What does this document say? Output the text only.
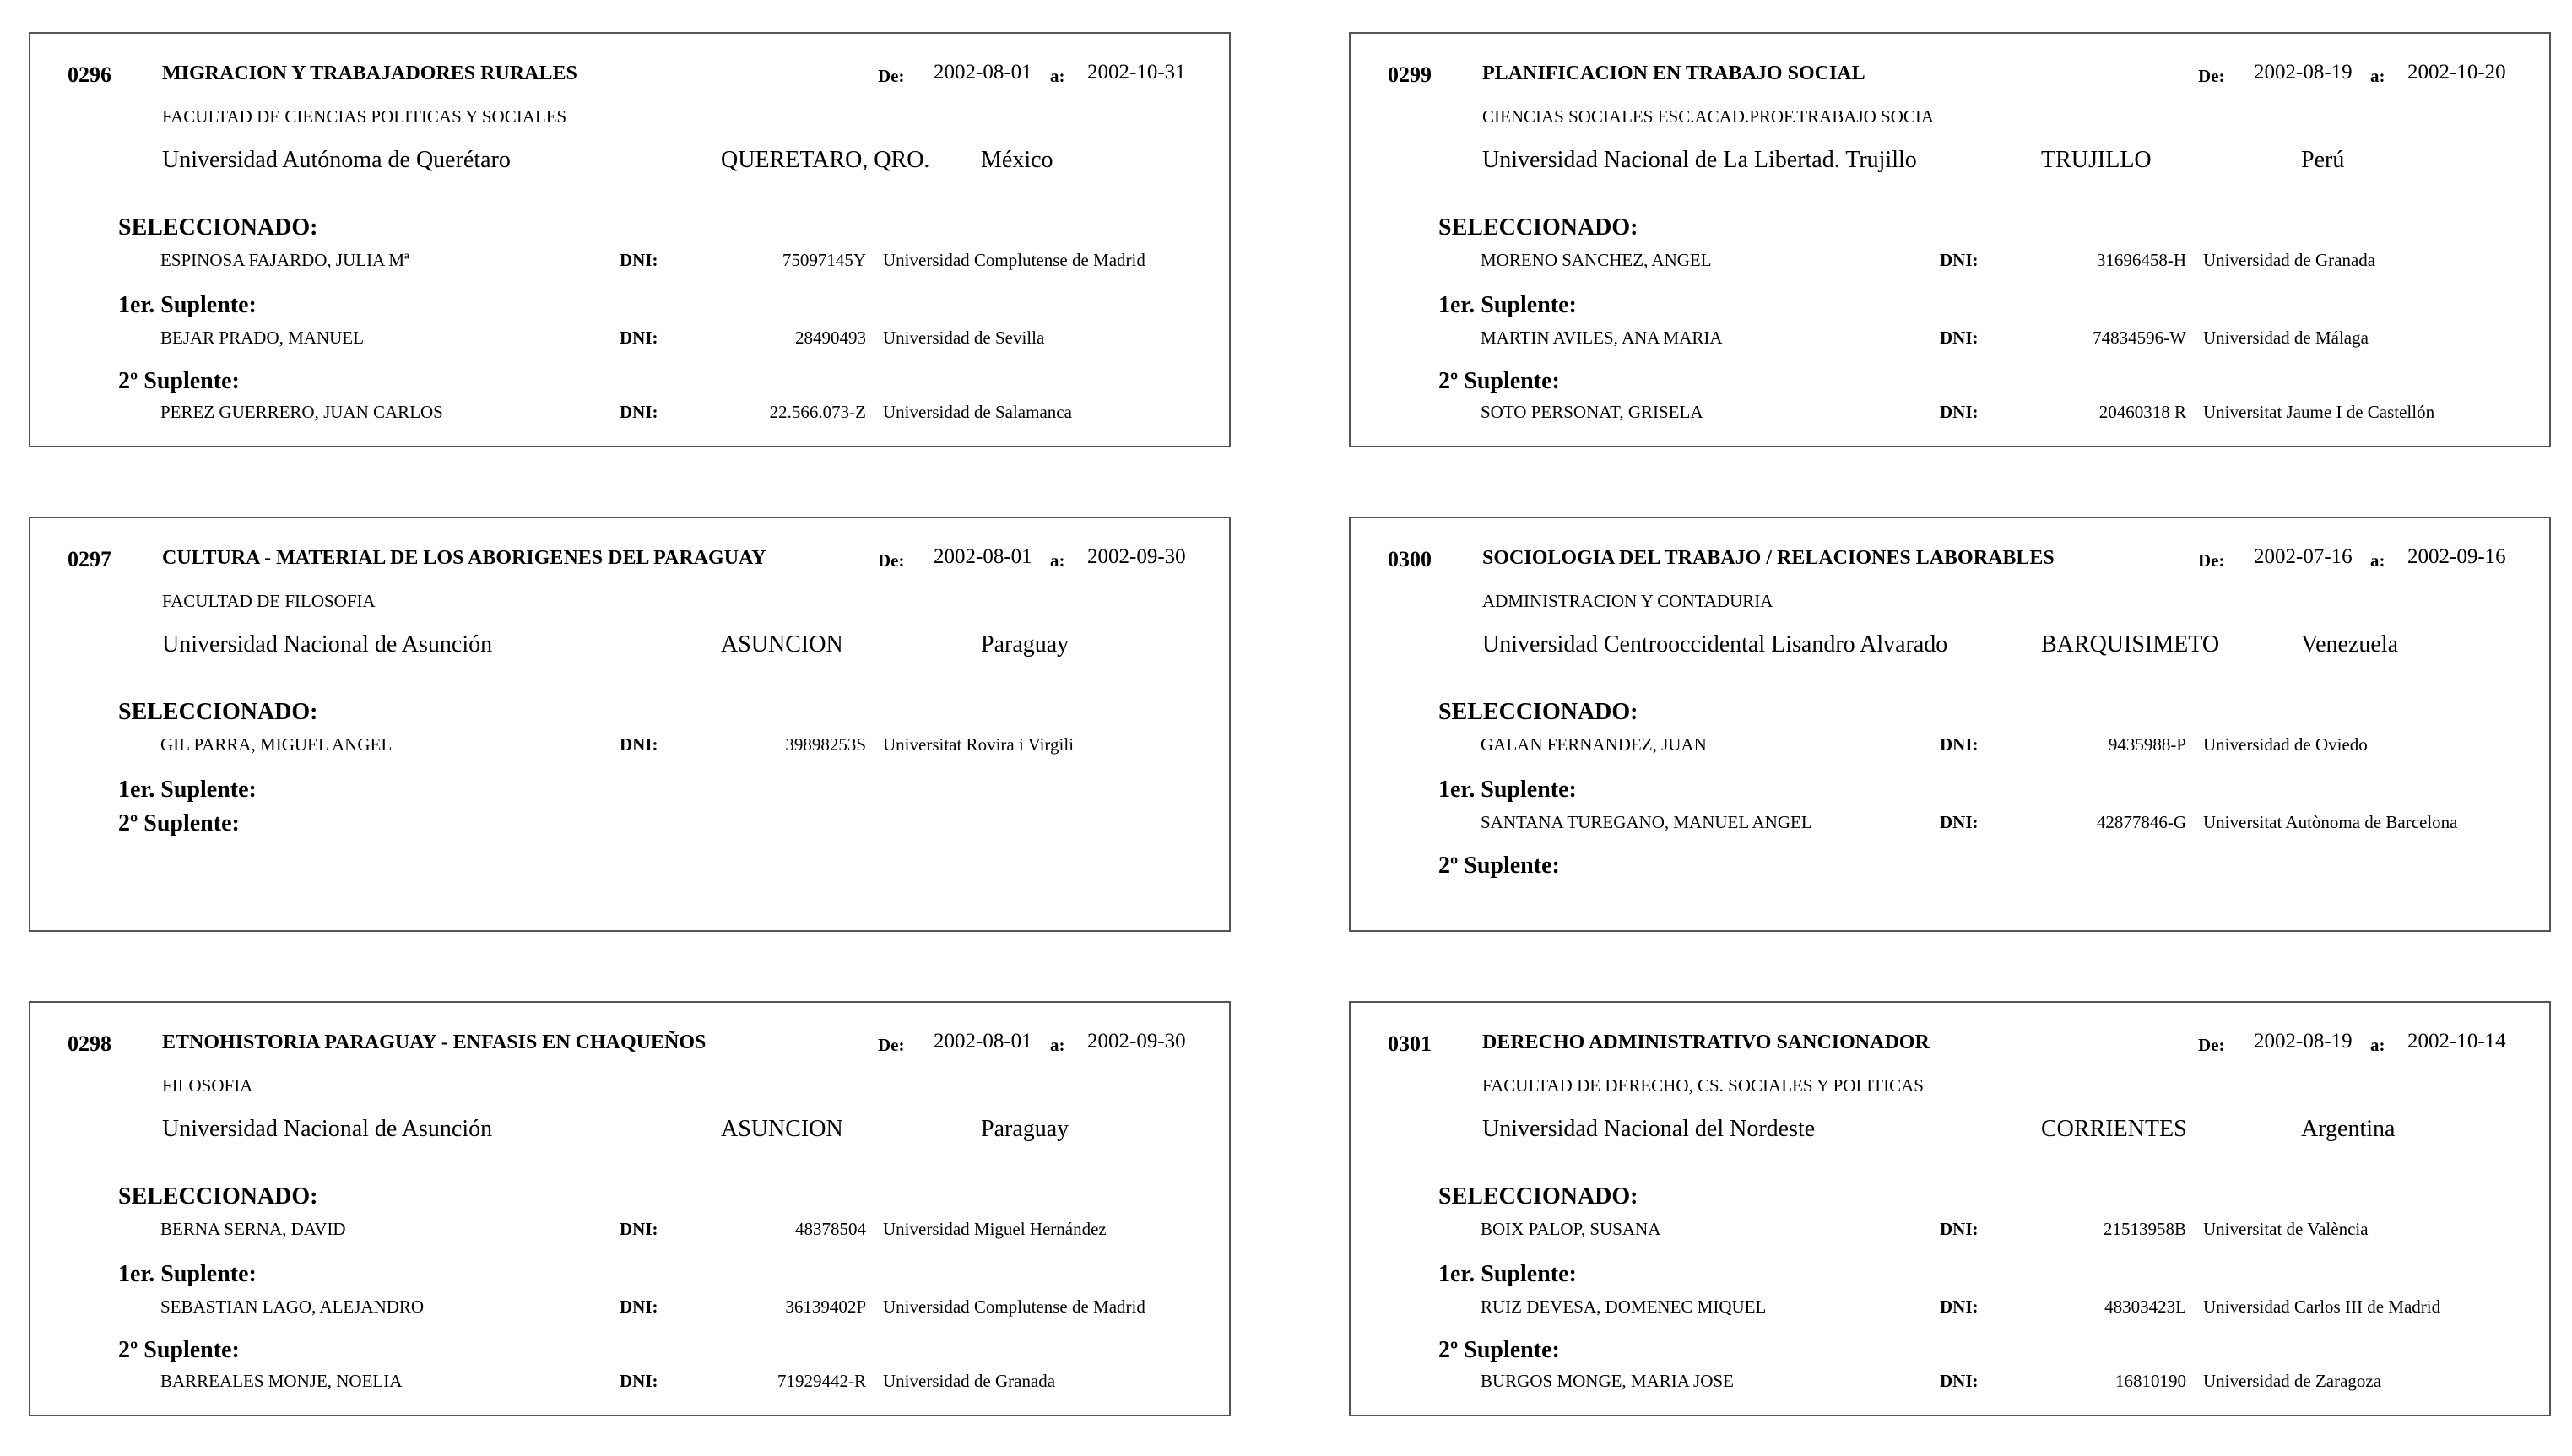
0296	MIGRACION Y TRABAJADORES RURALES	De: 2002-08-01 a: 2002-10-31
FACULTAD DE CIENCIAS POLITICAS Y SOCIALES
Universidad Autónoma de Querétaro	QUERETARO, QRO. México
SELECCIONADO:
ESPINOSA FAJARDO, JULIA Mª	DNI:	75097145Y Universidad Complutense de Madrid
1er. Suplente:
BEJAR PRADO, MANUEL	DNI:	28490493 Universidad de Sevilla
2º Suplente:
PEREZ GUERRERO, JUAN CARLOS	DNI:	22.566.073-Z Universidad de Salamanca
0299	PLANIFICACION EN TRABAJO SOCIAL	De: 2002-08-19 a: 2002-10-20
CIENCIAS SOCIALES ESC.ACAD.PROF.TRABAJO SOCIA
Universidad Nacional de La Libertad. Trujillo	TRUJILLO	Perú
SELECCIONADO:
MORENO SANCHEZ, ANGEL	DNI:	31696458-H Universidad de Granada
1er. Suplente:
MARTIN AVILES, ANA MARIA	DNI:	74834596-W Universidad de Málaga
2º Suplente:
SOTO PERSONAT, GRISELA	DNI:	20460318 R Universitat Jaume I de Castellón
0297	CULTURA - MATERIAL DE LOS ABORIGENES DEL PARAGUAY	De: 2002-08-01 a: 2002-09-30
FACULTAD DE FILOSOFIA
Universidad Nacional de Asunción	ASUNCION	Paraguay
SELECCIONADO:
GIL PARRA, MIGUEL ANGEL	DNI:	39898253S Universitat Rovira i Virgili
1er. Suplente:
2º Suplente:
0300	SOCIOLOGIA DEL TRABAJO / RELACIONES LABORABLES	De: 2002-07-16 a: 2002-09-16
ADMINISTRACION Y CONTADURIA
Universidad Centrooccidental Lisandro Alvarado	BARQUISIMETO	Venezuela
SELECCIONADO:
GALAN FERNANDEZ, JUAN	DNI:	9435988-P Universidad de Oviedo
1er. Suplente:
SANTANA TUREGANO, MANUEL ANGEL	DNI:	42877846-G Universitat Autònoma de Barcelona
2º Suplente:
0298	ETNOHISTORIA PARAGUAY - ENFASIS EN CHAQUEÑOS	De: 2002-08-01 a: 2002-09-30
FILOSOFIA
Universidad Nacional de Asunción	ASUNCION	Paraguay
SELECCIONADO:
BERNA SERNA, DAVID	DNI:	48378504 Universidad Miguel Hernández
1er. Suplente:
SEBASTIAN LAGO, ALEJANDRO	DNI:	36139402P Universidad Complutense de Madrid
2º Suplente:
BARREALES MONJE, NOELIA	DNI:	71929442-R Universidad de Granada
0301	DERECHO ADMINISTRATIVO SANCIONADOR	De: 2002-08-19 a: 2002-10-14
FACULTAD DE DERECHO, CS. SOCIALES Y POLITICAS
Universidad Nacional del Nordeste	CORRIENTES	Argentina
SELECCIONADO:
BOIX PALOP, SUSANA	DNI:	21513958B Universitat de València
1er. Suplente:
RUIZ DEVESA, DOMENEC MIQUEL	DNI:	48303423L Universidad Carlos III de Madrid
2º Suplente:
BURGOS MONGE, MARIA JOSE	DNI:	16810190 Universidad de Zaragoza
